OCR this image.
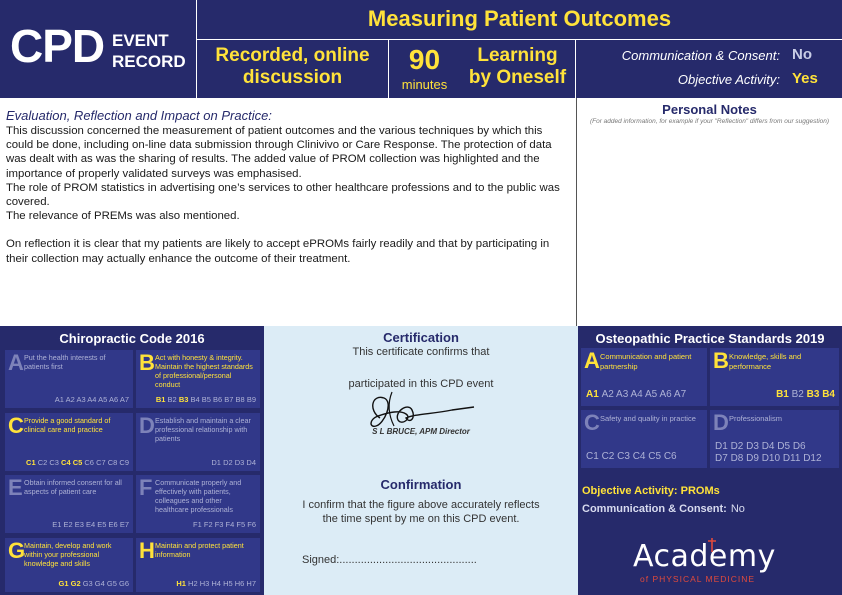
CPD EVENT
RECORD
Measuring Patient Outcomes
Recorded, online
discussion
90
minutes
Learning
by Oneself
Communication & Consent: No
Objective Activity: Yes
Evaluation, Reflection and Impact on Practice:

This discussion concerned the measurement of patient outcomes and the various techniques by which this could be done, including on-line data submission through Clinivivo or Care Response. The protection of data was dealt with as was the sharing of results. The added value of PROM collection was highlighted and the importance of properly validated surveys was emphasised.

The role of PROM statistics in advertising one’s services to other healthcare professions and to the public was covered.

The relevance of PREMs was also mentioned.

On reflection it is clear that my patients are likely to accept ePROMs fairly readily and that by participating in their collection may actually enhance the outcome of their treatment.

Personal Notes
(For added information, for example if your "Reflection" differs from our suggestion)
Chiropractic Code 2016
A Put the health interests of patients first
A1 A2 A3 A4 A5 A6 A7
B Act with honesty & integrity. Maintain the highest standards of professional/personal conduct
B1 B2 B3 B4 B5 B6 B7 B8 B9
C Provide a good standard of clinical care and practice
C1 C2 C3 C4 C5 C6 C7 C8 C9
D Establish and maintain a clear professional relationship with patients
D1 D2 D3 D4
E Obtain informed consent for all aspects of patient care
E1 E2 E3 E4 E5 E6 E7
F Communicate properly and effectively with patients, colleagues and other healthcare professionals
F1 F2 F3 F4 F5 F6
G
Maintain, develop and work within your professional knowledge and skills
G1 G2 G3 G4 G5 G6
H Maintain and protect patient information
H1 H2 H3 H4 H5 H6 H7
Certification
This certificate confirms that
participated in this CPD event
S L BRUCE, APM Director
Confirmation
I confirm that the figure above accurately reflects
the time spent by me on this CPD event.
Signed:.............................................
Osteopathic Practice Standards 2019
A Communication and patient partnership
A1 A2 A3 A4 A5 A6 A7
B Knowledge, skills and performance
B1 B2 B3 B4
C Safety and quality in practice
C1 C2 C3 C4 C5 C6
D Professionalism
D1 D2 D3 D4 D5 D6
D7 D8 D9 D10 D11 D12
Objective Activity: PROMs
Communication & Consent: No
Academy
of PHYSICAL MEDICINE
